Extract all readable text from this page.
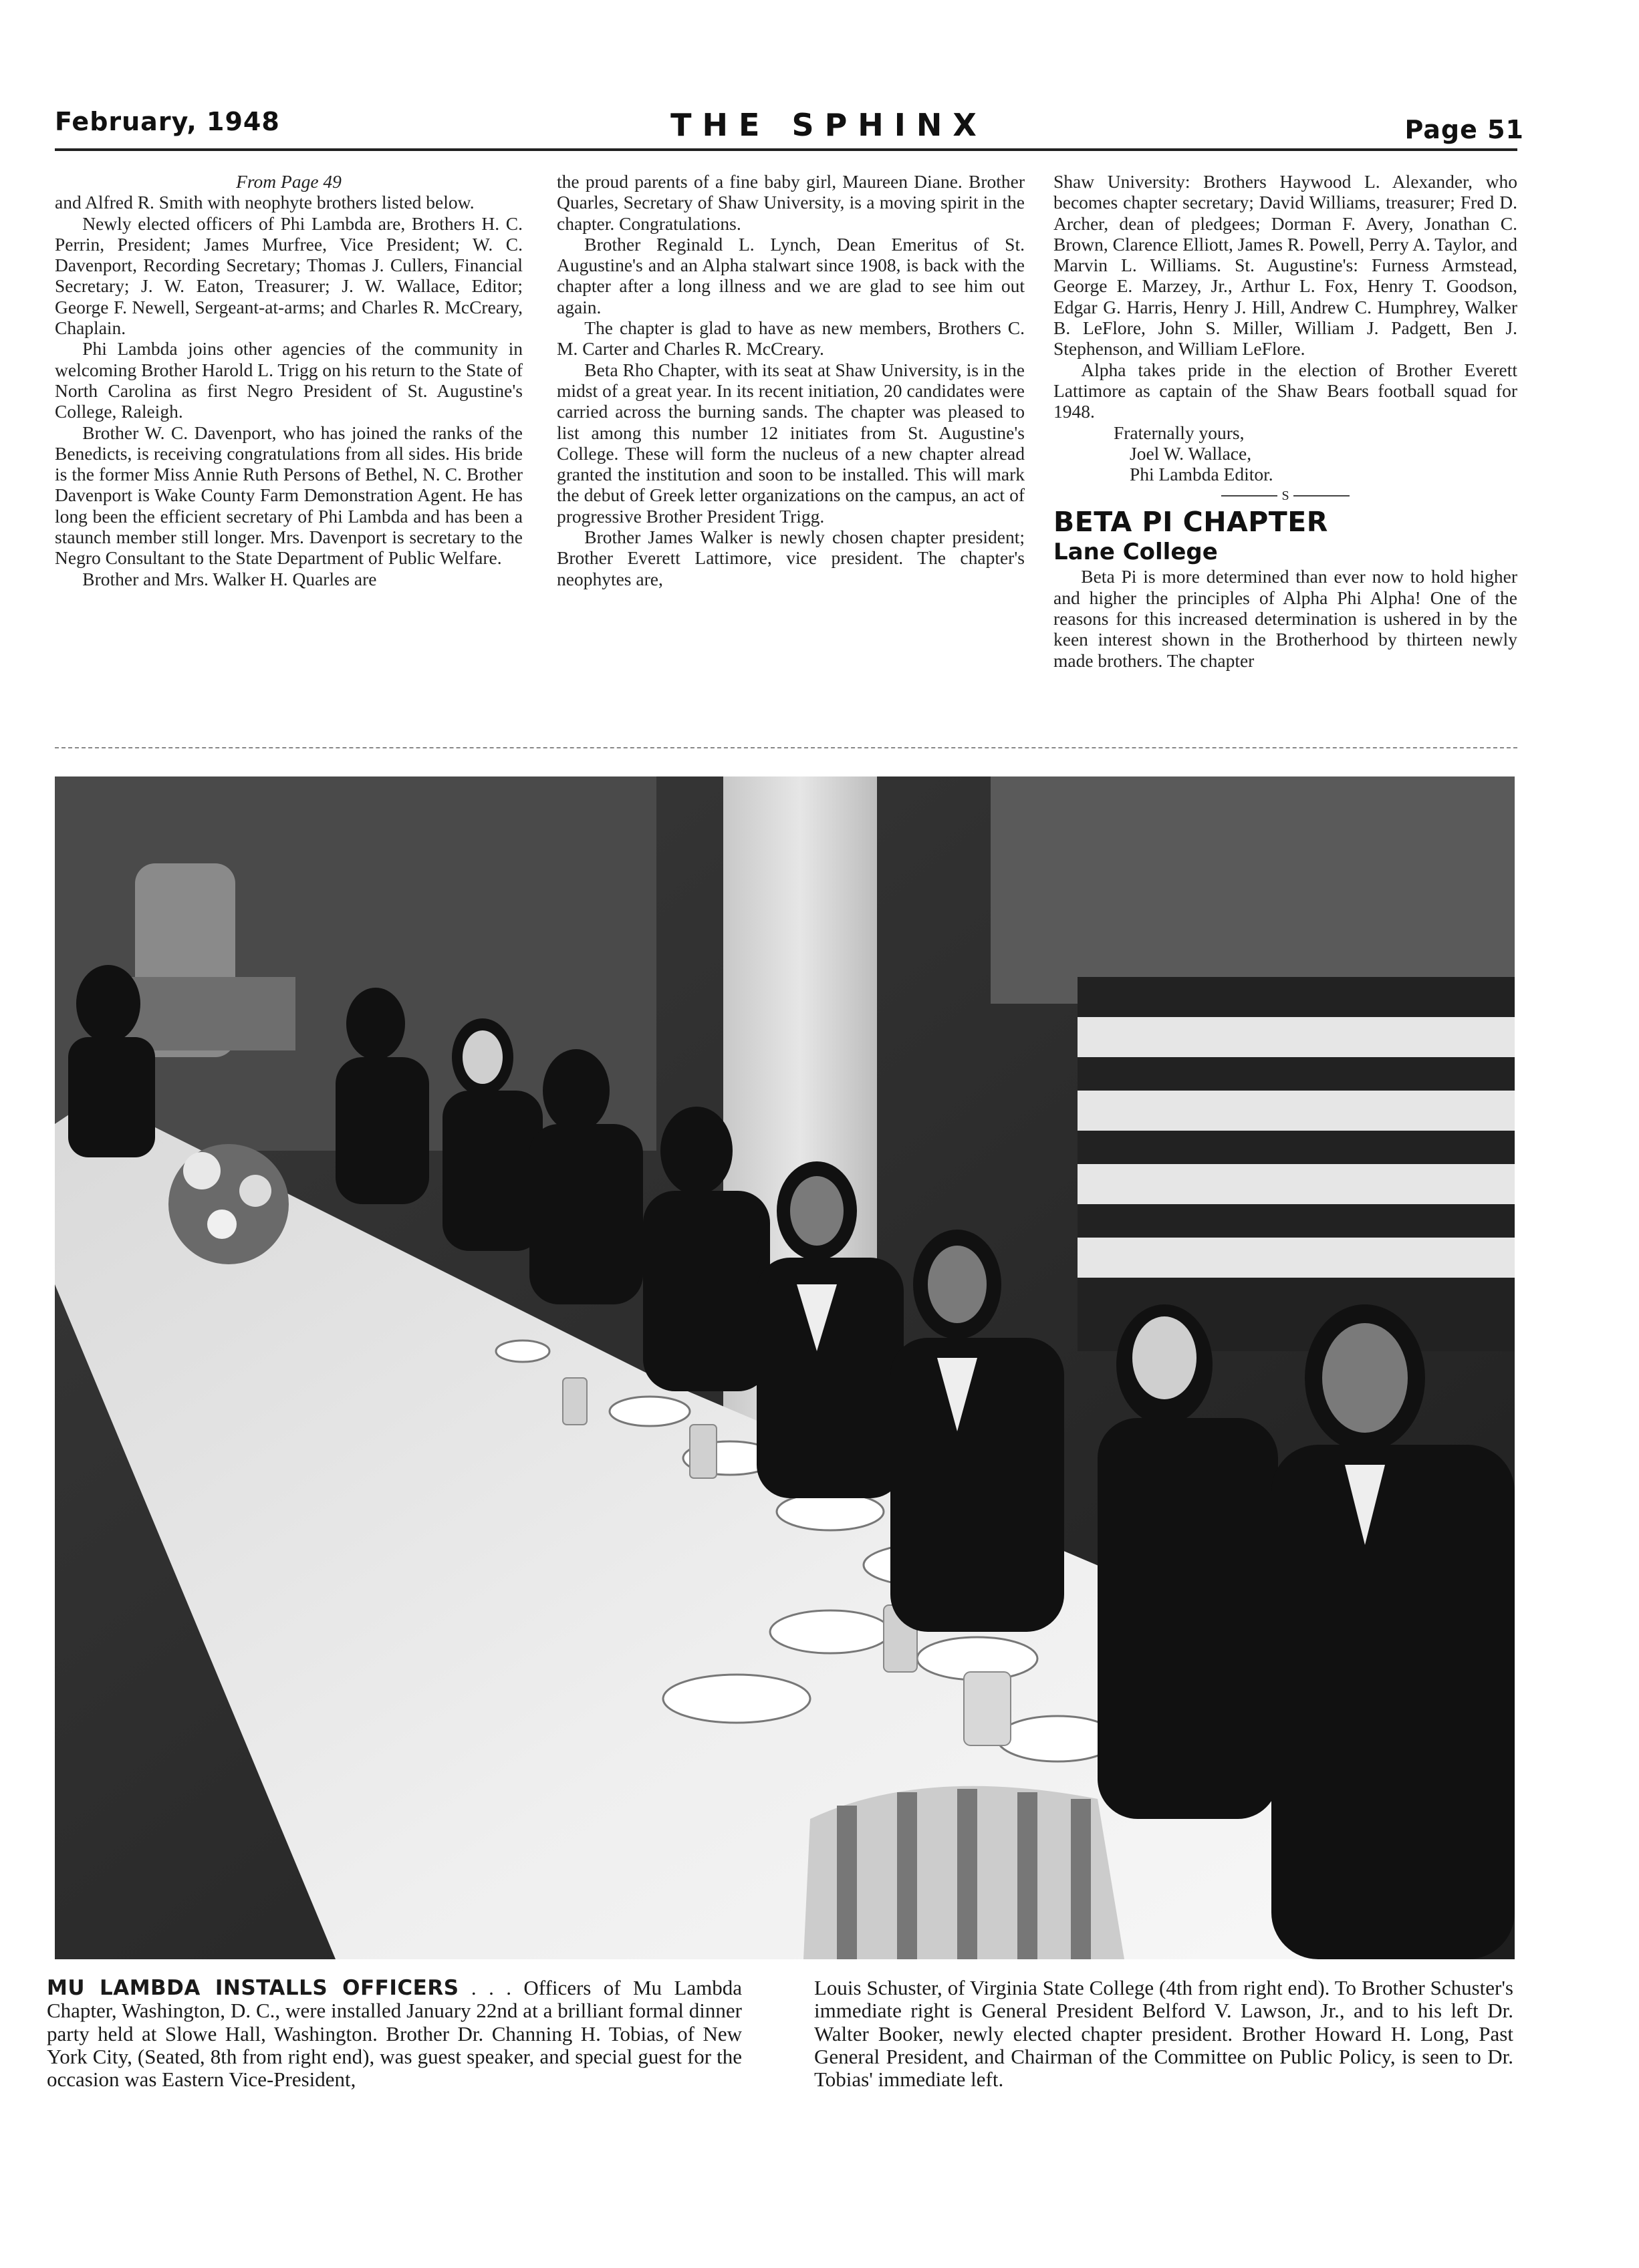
February, 1948	THE SPHINX	Page 51

From Page 49

and Alfred R. Smith with neophyte brothers listed below.

Newly elected officers of Phi Lambda are, Brothers H. C. Perrin, President; James Murfree, Vice President; W. C. Davenport, Recording Secretary; Thomas J. Cullers, Financial Secretary; J. W. Eaton, Treasurer; J. W. Wallace, Editor; George F. Newell, Sergeant-at-arms; and Charles R. McCreary, Chaplain.

Phi Lambda joins other agencies of the community in welcoming Brother Harold L. Trigg on his return to the State of North Carolina as first Negro President of St. Augustine's College, Raleigh.

Brother W. C. Davenport, who has joined the ranks of the Benedicts, is receiving congratulations from all sides. His bride is the former Miss Annie Ruth Persons of Bethel, N. C. Brother Davenport is Wake County Farm Demonstration Agent. He has long been the efficient secretary of Phi Lambda and has been a staunch member still longer. Mrs. Davenport is secretary to the Negro Consultant to the State Department of Public Welfare.

Brother and Mrs. Walker H. Quarles are

the proud parents of a fine baby girl, Maureen Diane. Brother Quarles, Secretary of Shaw University, is a moving spirit in the chapter. Congratulations.

Brother Reginald L. Lynch, Dean Emeritus of St. Augustine's and an Alpha stalwart since 1908, is back with the chapter after a long illness and we are glad to see him out again.

The chapter is glad to have as new members, Brothers C. M. Carter and Charles R. McCreary.

Beta Rho Chapter, with its seat at Shaw University, is in the midst of a great year. In its recent initiation, 20 candidates were carried across the burning sands. The chapter was pleased to list among this number 12 initiates from St. Augustine's College. These will form the nucleus of a new chapter alread granted the institution and soon to be installed. This will mark the debut of Greek letter organizations on the campus, an act of progressive Brother President Trigg.

Brother James Walker is newly chosen chapter president; Brother Everett Lattimore, vice president. The chapter's neophytes are,

Shaw University: Brothers Haywood L. Alexander, who becomes chapter secretary; David Williams, treasurer; Fred D. Archer, dean of pledgees; Dorman F. Avery, Jonathan C. Brown, Clarence Elliott, James R. Powell, Perry A. Taylor, and Marvin L. Williams. St. Augustine's: Furness Armstead, George E. Marzey, Jr., Arthur L. Fox, Henry T. Goodson, Edgar G. Harris, Henry J. Hill, Andrew C. Humphrey, Walker B. LeFlore, John S. Miller, William J. Padgett, Ben J. Stephenson, and William LeFlore.

Alpha takes pride in the election of Brother Everett Lattimore as captain of the Shaw Bears football squad for 1948.

Fraternally yours,

Joel W. Wallace,

Phi Lambda Editor.

S
BETA PI CHAPTER
Lane College

Beta Pi is more determined than ever now to hold higher and higher the principles of Alpha Phi Alpha! One of the reasons for this increased determination is ushered in by the keen interest shown in the Brotherhood by thirteen newly made brothers. The chapter

MU LAMBDA INSTALLS OFFICERS . . . Officers of Mu Lambda Chapter, Washington, D. C., were installed January 22nd at a brilliant formal dinner party held at Slowe Hall, Washington. Brother Dr. Channing H. Tobias, of New York City, (Seated, 8th from right end), was guest speaker, and special guest for the occasion was Eastern Vice-President,
Louis Schuster, of Virginia State College (4th from right end). To Brother Schuster's immediate right is General President Belford V. Lawson, Jr., and to his left Dr. Walter Booker, newly elected chapter president. Brother Howard H. Long, Past General President, and Chairman of the Committee on Public Policy, is seen to Dr. Tobias' immediate left.
